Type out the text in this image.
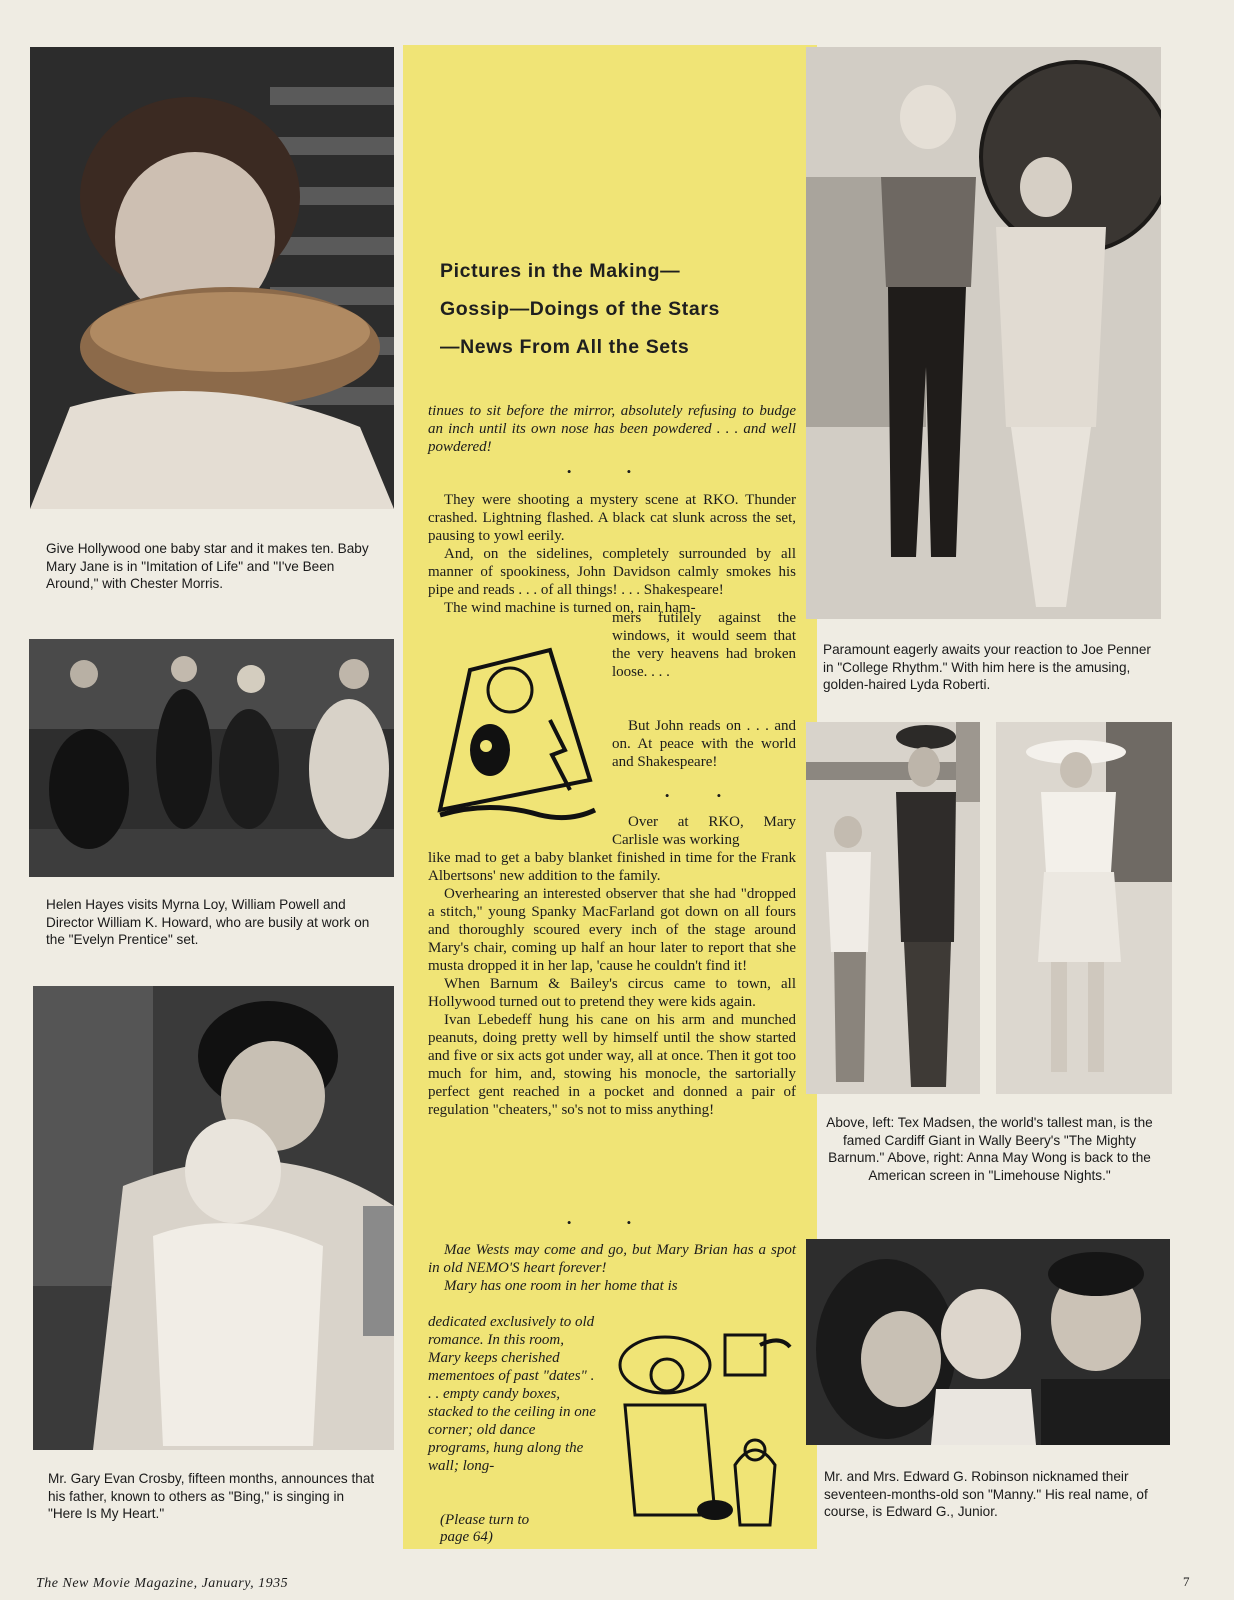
Give Hollywood one baby star and it makes ten. Baby Mary Jane is in "Imitation of Life" and "I've Been Around," with Chester Morris.

Helen Hayes visits Myrna Loy, William Powell and Director William K. Howard, who are busily at work on the "Evelyn Prentice" set.

Mr. Gary Evan Crosby, fifteen months, announces that his father, known to others as "Bing," is singing in "Here Is My Heart."

Pictures in the Making—
Gossip—Doings of the Stars
—News From All the Sets
tinues to sit before the mirror, absolutely refusing to budge an inch until its own nose has been powdered . . . and well powdered!
• •

They were shooting a mystery scene at RKO. Thunder crashed. Lightning flashed. A black cat slunk across the set, pausing to yowl eerily.

And, on the sidelines, completely surrounded by all manner of spookiness, John Davidson calmly smokes his pipe and reads . . . of all things! . . . Shakespeare!

The wind machine is turned on, rain ham-

mers futilely against the windows, it would seem that the very heavens had broken loose. . . .

But John reads on . . . and on. At peace with the world and Shakespeare!

• •

Over at RKO, Mary Carlisle was working

like mad to get a baby blanket finished in time for the Frank Albertsons' new addition to the family.

Overhearing an interested observer that she had "dropped a stitch," young Spanky MacFarland got down on all fours and thoroughly scoured every inch of the stage around Mary's chair, coming up half an hour later to report that she musta dropped it in her lap, 'cause he couldn't find it!

When Barnum & Bailey's circus came to town, all Hollywood turned out to pretend they were kids again.

Ivan Lebedeff hung his cane on his arm and munched peanuts, doing pretty well by himself until the show started and five or six acts got under way, all at once. Then it got too much for him, and, stowing his monocle, the sartorially perfect gent reached in a pocket and donned a pair of regulation "cheaters," so's not to miss anything!

• •

Mae Wests may come and go, but Mary Brian has a spot in old NEMO'S heart forever!

Mary has one room in her home that is

dedicated exclusively to old romance. In this room, Mary keeps cherished mementoes of past "dates" . . . empty candy boxes, stacked to the ceiling in one corner; old dance programs, hung along the wall; long-
(Please turn to page 64)

Paramount eagerly awaits your reaction to Joe Penner in "College Rhythm." With him here is the amusing, golden-haired Lyda Roberti.

Above, left: Tex Madsen, the world's tallest man, is the famed Cardiff Giant in Wally Beery's "The Mighty Barnum." Above, right: Anna May Wong is back to the American screen in "Limehouse Nights."

Mr. and Mrs. Edward G. Robinson nicknamed their seventeen-months-old son "Manny." His real name, of course, is Edward G., Junior.

The New Movie Magazine, January, 1935	7
